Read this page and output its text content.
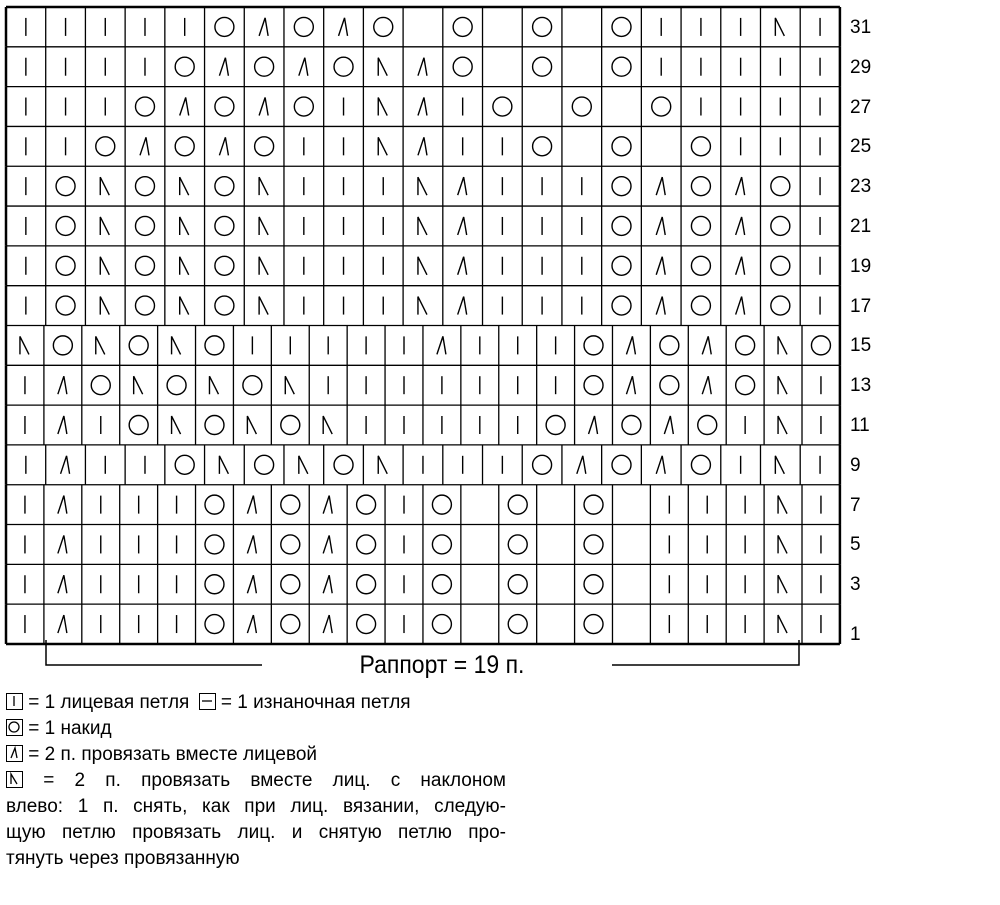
31
29
27
25
23
21
19
17
15
13
11
9
7
5
3
1
Раппорт = 19 п.
= 1 лицевая петля = 1 изнаночная петля
= 1 накид
= 2 п. провязать вместе лицевой
= 2 п. провязать вместе лиц. с наклоном
влево: 1 п. снять, как при лиц. вязании, следую-
щую петлю провязать лиц. и снятую петлю про-
тянуть через провязанную
